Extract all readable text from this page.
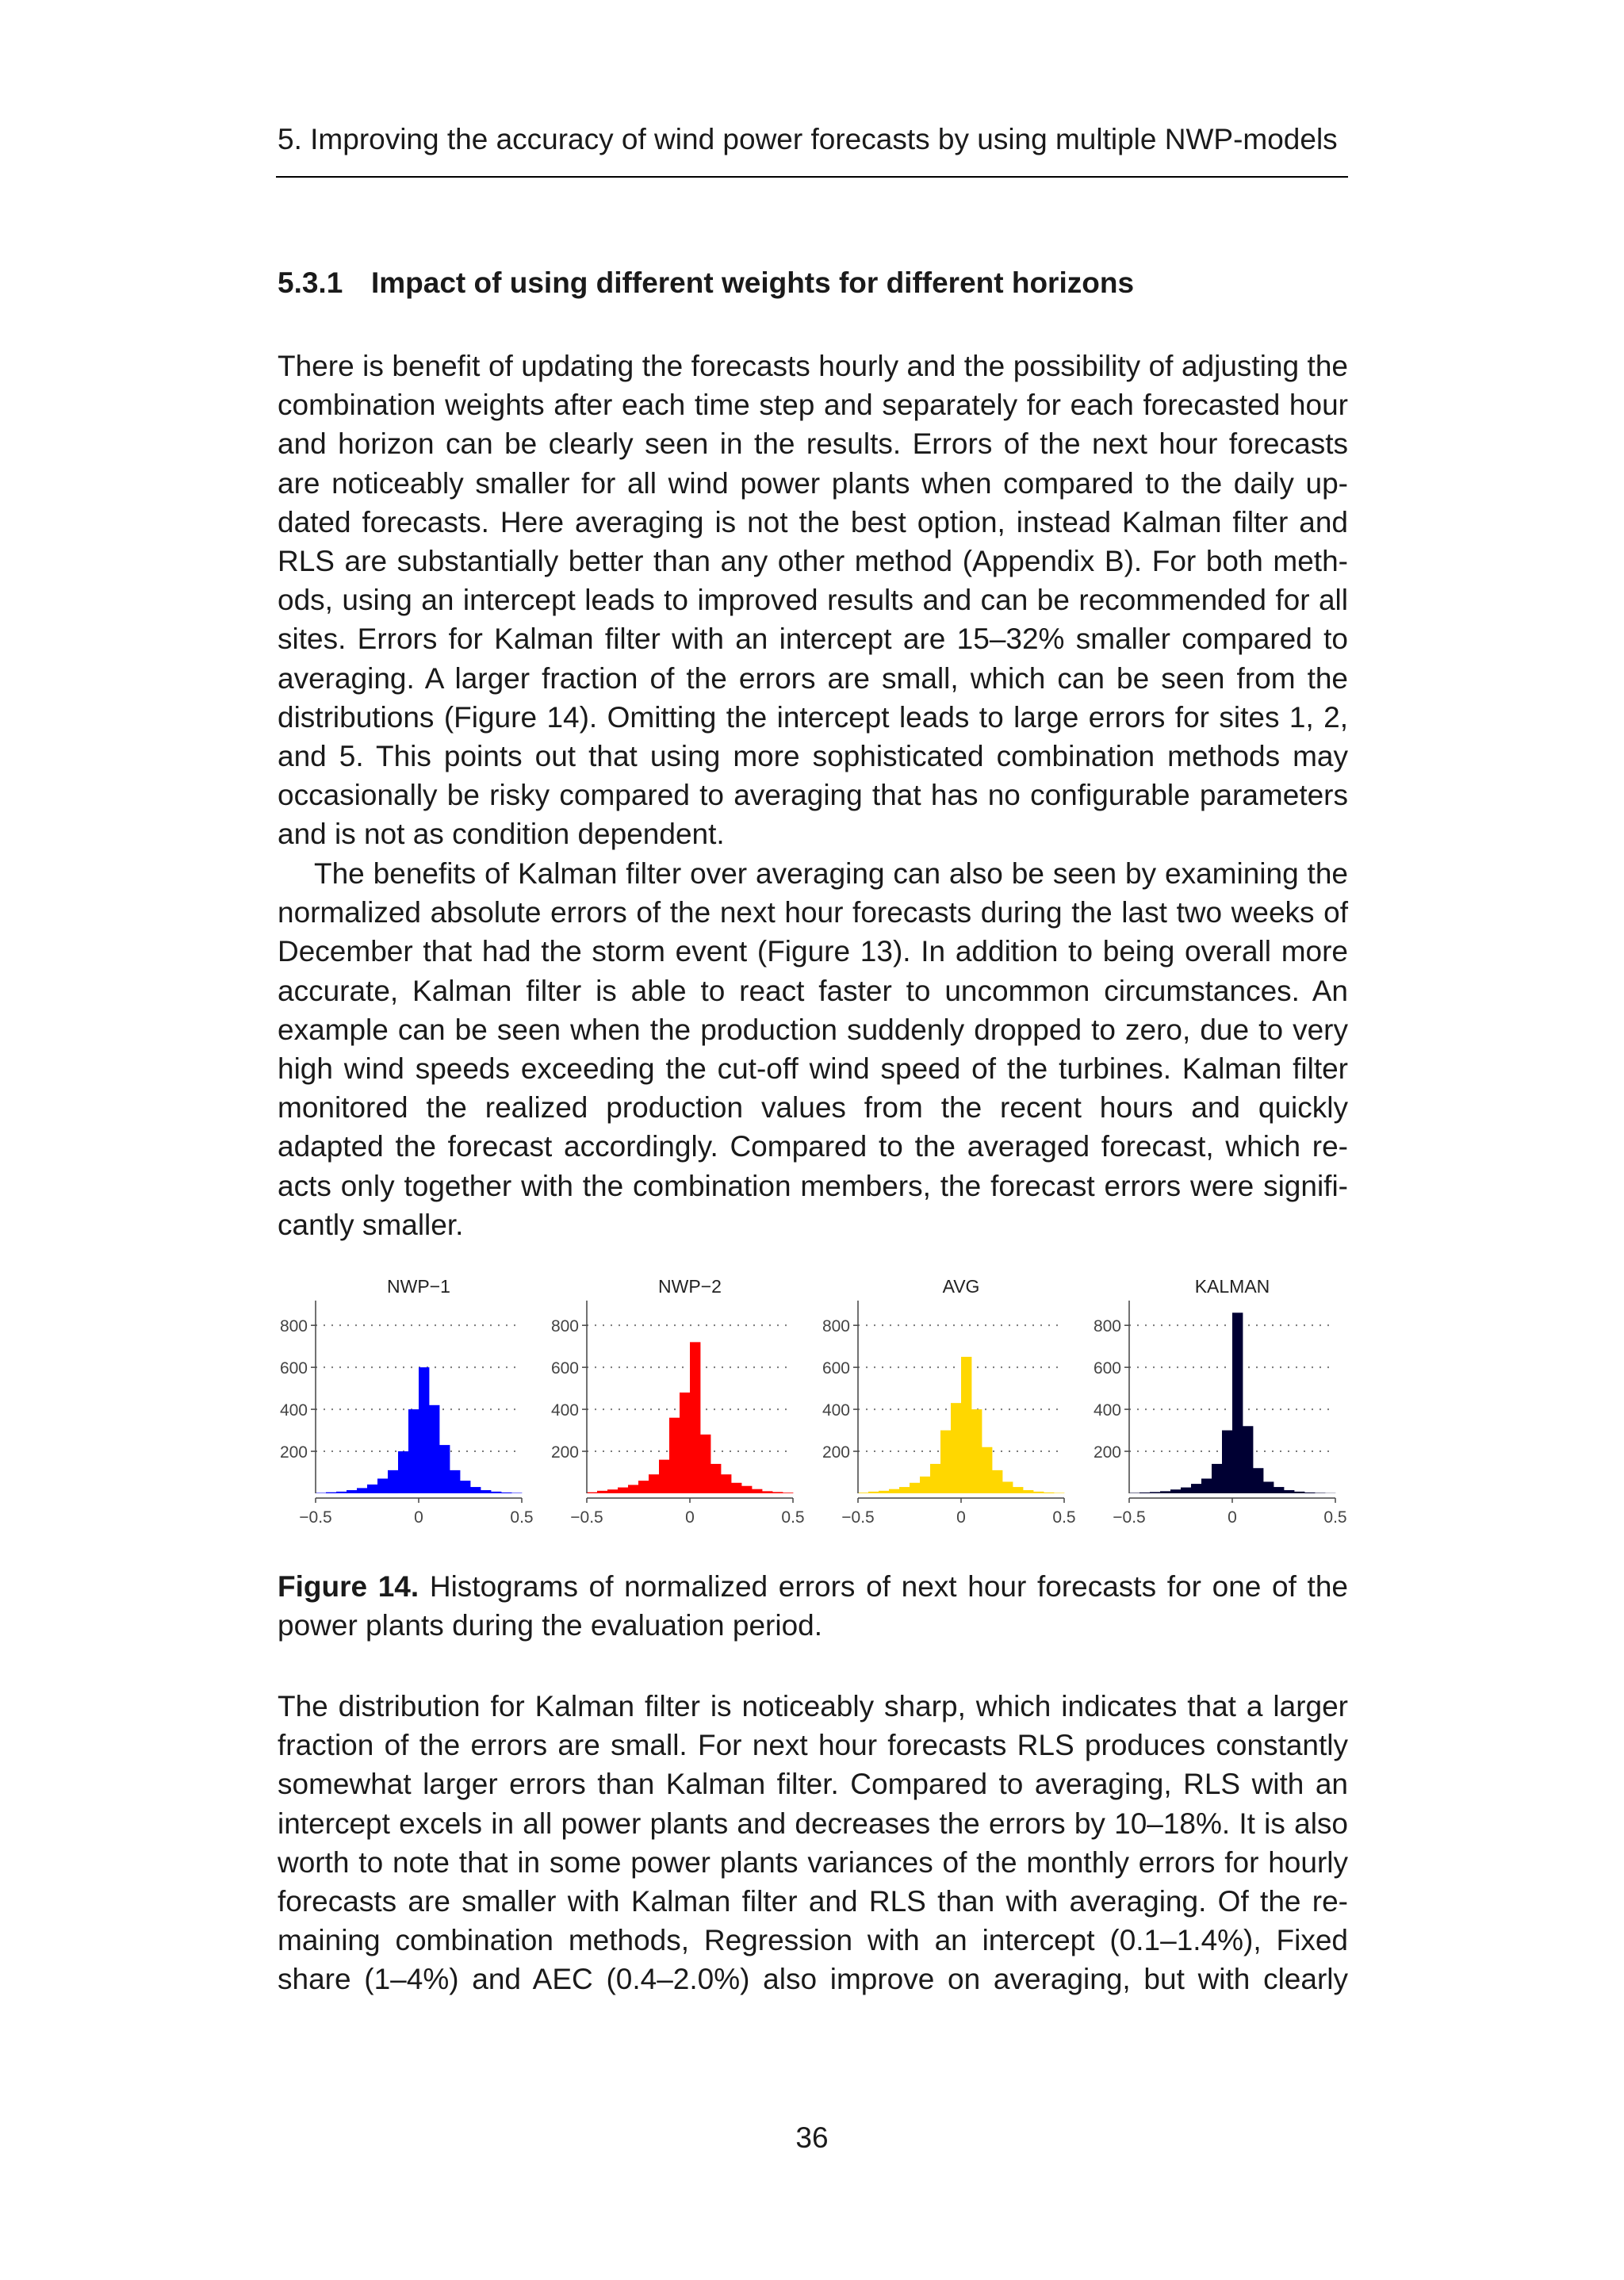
5. Improving the accuracy of wind power forecasts by using multiple NWP-models
5.3.1 Impact of using different weights for different horizons

There is benefit of updating the forecasts hourly and the possibility of adjusting the
combination weights after each time step and separately for each forecasted hour
and horizon can be clearly seen in the results. Errors of the next hour forecasts
are noticeably smaller for all wind power plants when compared to the daily up-
dated forecasts. Here averaging is not the best option, instead Kalman filter and
RLS are substantially better than any other method (Appendix B). For both meth-
ods, using an intercept leads to improved results and can be recommended for all
sites. Errors for Kalman filter with an intercept are 15–32% smaller compared to
averaging. A larger fraction of the errors are small, which can be seen from the
distributions (Figure 14). Omitting the intercept leads to large errors for sites 1, 2,
and 5. This points out that using more sophisticated combination methods may
occasionally be risky compared to averaging that has no configurable parameters
and is not as condition dependent.

The benefits of Kalman filter over averaging can also be seen by examining the
normalized absolute errors of the next hour forecasts during the last two weeks of
December that had the storm event (Figure 13). In addition to being overall more
accurate, Kalman filter is able to react faster to uncommon circumstances. An
example can be seen when the production suddenly dropped to zero, due to very
high wind speeds exceeding the cut-off wind speed of the turbines. Kalman filter
monitored the realized production values from the recent hours and quickly
adapted the forecast accordingly. Compared to the averaged forecast, which re-
acts only together with the combination members, the forecast errors were signifi-
cantly smaller.

NWP−1
200
400
600
800
−0.5	0	0.5
NWP−2
200
400
600
800
−0.5	0	0.5
AVG
200
400
600
800
−0.5	0	0.5
KALMAN
200
400
600
800
−0.5	0	0.5

Figure 14. Histograms of normalized errors of next hour forecasts for one of the
power plants during the evaluation period.

The distribution for Kalman filter is noticeably sharp, which indicates that a larger
fraction of the errors are small. For next hour forecasts RLS produces constantly
somewhat larger errors than Kalman filter. Compared to averaging, RLS with an
intercept excels in all power plants and decreases the errors by 10–18%. It is also
worth to note that in some power plants variances of the monthly errors for hourly
forecasts are smaller with Kalman filter and RLS than with averaging. Of the re-
maining combination methods, Regression with an intercept (0.1–1.4%), Fixed
share (1–4%) and AEC (0.4–2.0%) also improve on averaging, but with clearly

36
